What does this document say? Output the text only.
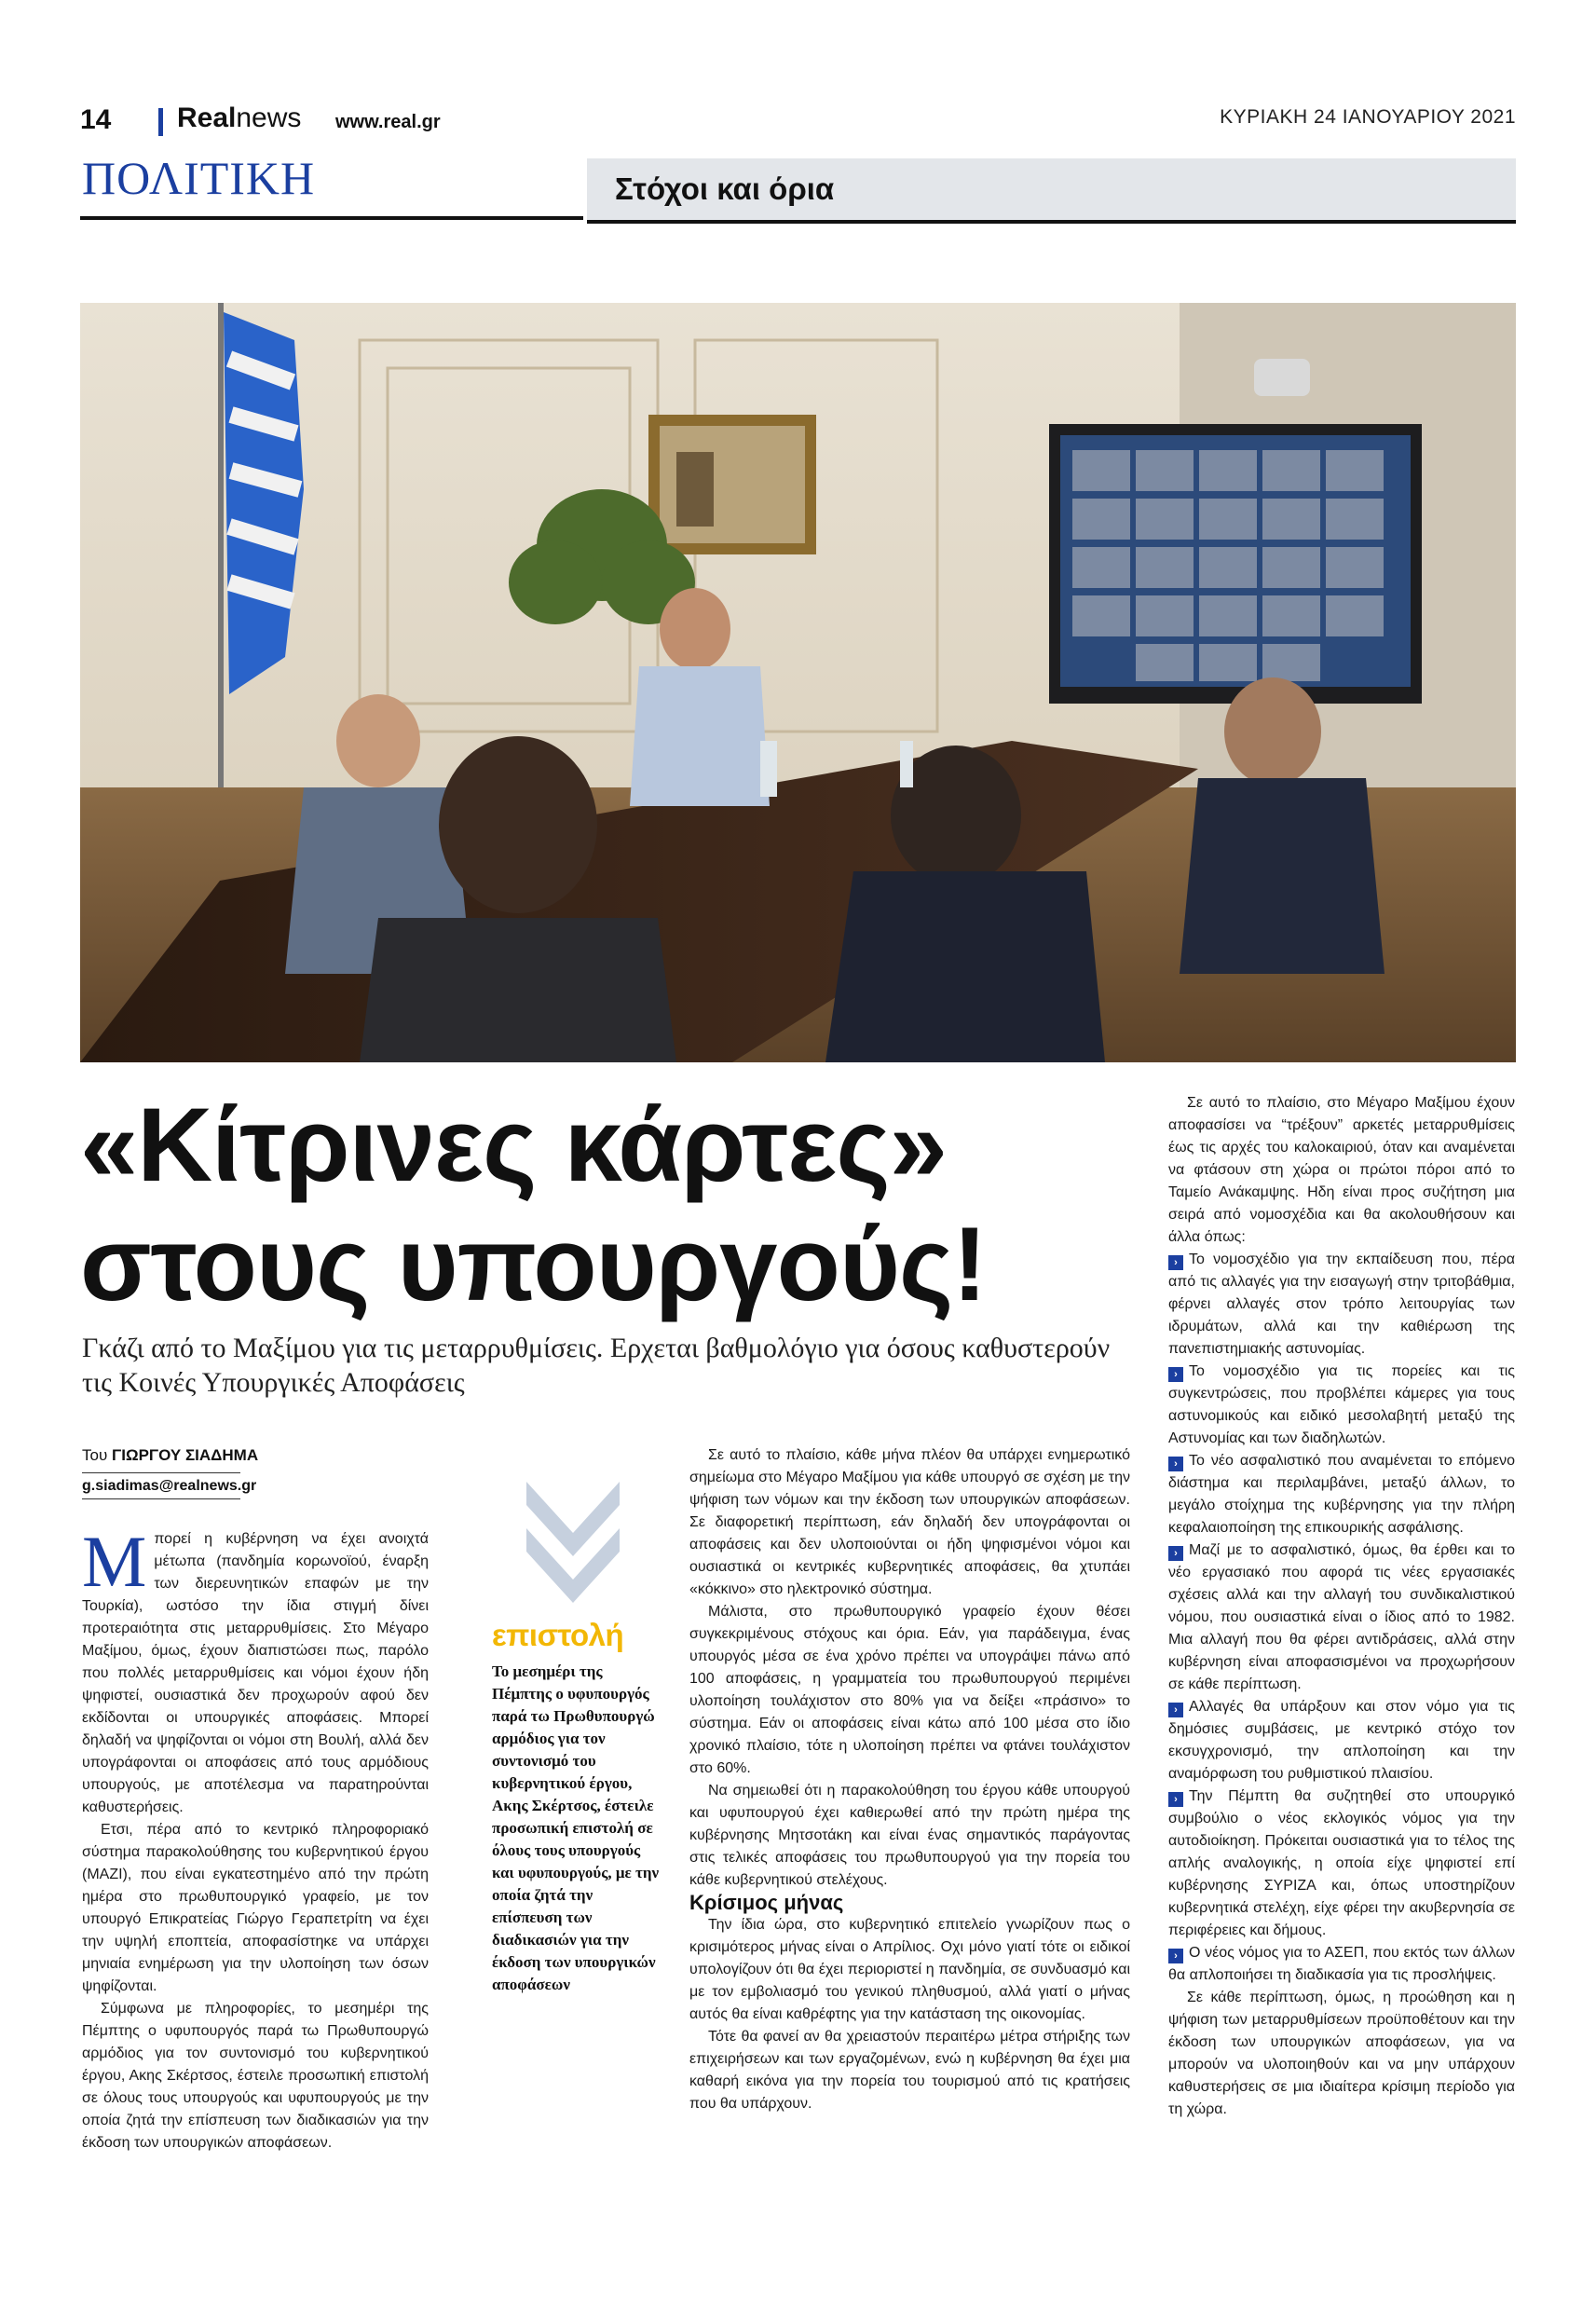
14 Realnews www.real.gr	ΚΥΡΙΑΚΗ 24 ΙΑΝΟΥΑΡΙΟΥ 2021
ΠΟΛΙΤΙΚΗ	Στόχοι και όρια
«Κίτρινες κάρτες»
στους υπουργούς!

Γκάζι από το Μαξίμου για τις μεταρρυθμίσεις. Ερχεται βαθμολόγιο για όσους καθυστερούν τις Κοινές Υπουργικές Αποφάσεις

Του ΓΙΩΡΓΟΥ ΣΙΑΔΗΜΑ
g.siadimas@realnews.gr

Μπορεί η κυβέρνηση να έχει ανοιχτά μέτωπα (πανδημία κορωνοϊού, έναρξη των διερευνητικών επαφών με την Τουρκία), ωστόσο την ίδια στιγμή δίνει προτεραιότητα στις μεταρρυθμίσεις. Στο Μέγαρο Μαξίμου, όμως, έχουν διαπιστώσει πως, παρόλο που πολλές μεταρρυθμίσεις και νόμοι έχουν ήδη ψηφιστεί, ουσιαστικά δεν προχωρούν αφού δεν εκδίδονται οι υπουργικές αποφάσεις. Μπορεί δηλαδή να ψηφίζονται οι νόμοι στη Βουλή, αλλά δεν υπογράφονται οι αποφάσεις από τους αρμόδιους υπουργούς, με αποτέλεσμα να παρατηρούνται καθυστερήσεις.

Ετσι, πέρα από το κεντρικό πληροφοριακό σύστημα παρακολούθησης του κυβερνητικού έργου (ΜΑΖΙ), που είναι εγκατεστημένο από την πρώτη ημέρα στο πρωθυπουργικό γραφείο, με τον υπουργό Επικρατείας Γιώργο Γεραπετρίτη να έχει την υψηλή εποπτεία, αποφασίστηκε να υπάρχει μηνιαία ενημέρωση για την υλοποίηση των όσων ψηφίζονται.

Σύμφωνα με πληροφορίες, το μεσημέρι της Πέμπτης ο υφυπουργός παρά τω Πρωθυπουργώ αρμόδιος για τον συντονισμό του κυβερνητικού έργου, Ακης Σκέρτσος, έστειλε προσωπική επιστολή σε όλους τους υπουργούς και υφυπουργούς με την οποία ζητά την επίσπευση των διαδικασιών για την έκδοση των υπουργικών αποφάσεων.

επιστολή
Το μεσημέρι της Πέμπτης ο υφυπουργός παρά τω Πρωθυπουργώ αρμόδιος για τον συντονισμό του κυβερνητικού έργου, Ακης Σκέρτσος, έστειλε προσωπική επιστολή σε όλους τους υπουργούς και υφυπουργούς, με την οποία ζητά την επίσπευση των διαδικασιών για την έκδοση των υπουργικών αποφάσεων

Σε αυτό το πλαίσιο, κάθε μήνα πλέον θα υπάρχει ενημερωτικό σημείωμα στο Μέγαρο Μαξίμου για κάθε υπουργό σε σχέση με την ψήφιση των νόμων και την έκδοση των υπουργικών αποφάσεων. Σε διαφορετική περίπτωση, εάν δηλαδή δεν υπογράφονται οι αποφάσεις και δεν υλοποιούνται οι ήδη ψηφισμένοι νόμοι και ουσιαστικά οι κεντρικές κυβερνητικές αποφάσεις, θα χτυπάει «κόκκινο» στο ηλεκτρονικό σύστημα.

Μάλιστα, στο πρωθυπουργικό γραφείο έχουν θέσει συγκεκριμένους στόχους και όρια. Εάν, για παράδειγμα, ένας υπουργός μέσα σε ένα χρόνο πρέπει να υπογράψει πάνω από 100 αποφάσεις, η γραμματεία του πρωθυπουργού περιμένει υλοποίηση τουλάχιστον στο 80% για να δείξει «πράσινο» το σύστημα. Εάν οι αποφάσεις είναι κάτω από 100 μέσα στο ίδιο χρονικό πλαίσιο, τότε η υλοποίηση πρέπει να φτάνει τουλάχιστον στο 60%.

Να σημειωθεί ότι η παρακολούθηση του έργου κάθε υπουργού και υφυπουργού έχει καθιερωθεί από την πρώτη ημέρα της κυβέρνησης Μητσοτάκη και είναι ένας σημαντικός παράγοντας στις τελικές αποφάσεις του πρωθυπουργού για την πορεία του κάθε κυβερνητικού στελέχους.

Κρίσιμος μήνας

Την ίδια ώρα, στο κυβερνητικό επιτελείο γνωρίζουν πως ο κρισιμότερος μήνας είναι ο Απρίλιος. Οχι μόνο γιατί τότε οι ειδικοί υπολογίζουν ότι θα έχει περιοριστεί η πανδημία, σε συνδυασμό και με τον εμβολιασμό του γενικού πληθυσμού, αλλά γιατί ο μήνας αυτός θα είναι καθρέφτης για την κατάσταση της οικονομίας.

Τότε θα φανεί αν θα χρειαστούν περαιτέρω μέτρα στήριξης των επιχειρήσεων και των εργαζομένων, ενώ η κυβέρνηση θα έχει μια καθαρή εικόνα για την πορεία του τουρισμού από τις κρατήσεις που θα υπάρχουν.

Σε αυτό το πλαίσιο, στο Μέγαρο Μαξίμου έχουν αποφασίσει να “τρέξουν” αρκετές μεταρρυθμίσεις έως τις αρχές του καλοκαιριού, όταν και αναμένεται να φτάσουν στη χώρα οι πρώτοι πόροι από το Ταμείο Ανάκαμψης. Ηδη είναι προς συζήτηση μια σειρά από νομοσχέδια και θα ακολουθήσουν και άλλα όπως:

› Το νομοσχέδιο για την εκπαίδευση που, πέρα από τις αλλαγές για την εισαγωγή στην τριτοβάθμια, φέρνει αλλαγές στον τρόπο λειτουργίας των ιδρυμάτων, αλλά και την καθιέρωση της πανεπιστημιακής αστυνομίας.

› Το νομοσχέδιο για τις πορείες και τις συγκεντρώσεις, που προβλέπει κάμερες για τους αστυνομικούς και ειδικό μεσολαβητή μεταξύ της Αστυνομίας και των διαδηλωτών.

› Το νέο ασφαλιστικό που αναμένεται το επόμενο διάστημα και περιλαμβάνει, μεταξύ άλλων, το μεγάλο στοίχημα της κυβέρνησης για την πλήρη κεφαλαιοποίηση της επικουρικής ασφάλισης.

› Μαζί με το ασφαλιστικό, όμως, θα έρθει και το νέο εργασιακό που αφορά τις νέες εργασιακές σχέσεις αλλά και την αλλαγή του συνδικαλιστικού νόμου, που ουσιαστικά είναι ο ίδιος από το 1982. Μια αλλαγή που θα φέρει αντιδράσεις, αλλά στην κυβέρνηση είναι αποφασισμένοι να προχωρήσουν σε κάθε περίπτωση.

› Αλλαγές θα υπάρξουν και στον νόμο για τις δημόσιες συμβάσεις, με κεντρικό στόχο τον εκσυγχρονισμό, την απλοποίηση και την αναμόρφωση του ρυθμιστικού πλαισίου.

› Την Πέμπτη θα συζητηθεί στο υπουργικό συμβούλιο ο νέος εκλογικός νόμος για την αυτοδιοίκηση. Πρόκειται ουσιαστικά για το τέλος της απλής αναλογικής, η οποία είχε ψηφιστεί επί κυβέρνησης ΣΥΡΙΖΑ και, όπως υποστηρίζουν κυβερνητικά στελέχη, είχε φέρει την ακυβερνησία σε περιφέρειες και δήμους.

› Ο νέος νόμος για το ΑΣΕΠ, που εκτός των άλλων θα απλοποιήσει τη διαδικασία για τις προσλήψεις.

Σε κάθε περίπτωση, όμως, η προώθηση και η ψήφιση των μεταρρυθμίσεων προϋποθέτουν και την έκδοση των υπουργικών αποφάσεων, για να μπορούν να υλοποιηθούν και να μην υπάρχουν καθυστερήσεις σε μια ιδιαίτερα κρίσιμη περίοδο για τη χώρα.
